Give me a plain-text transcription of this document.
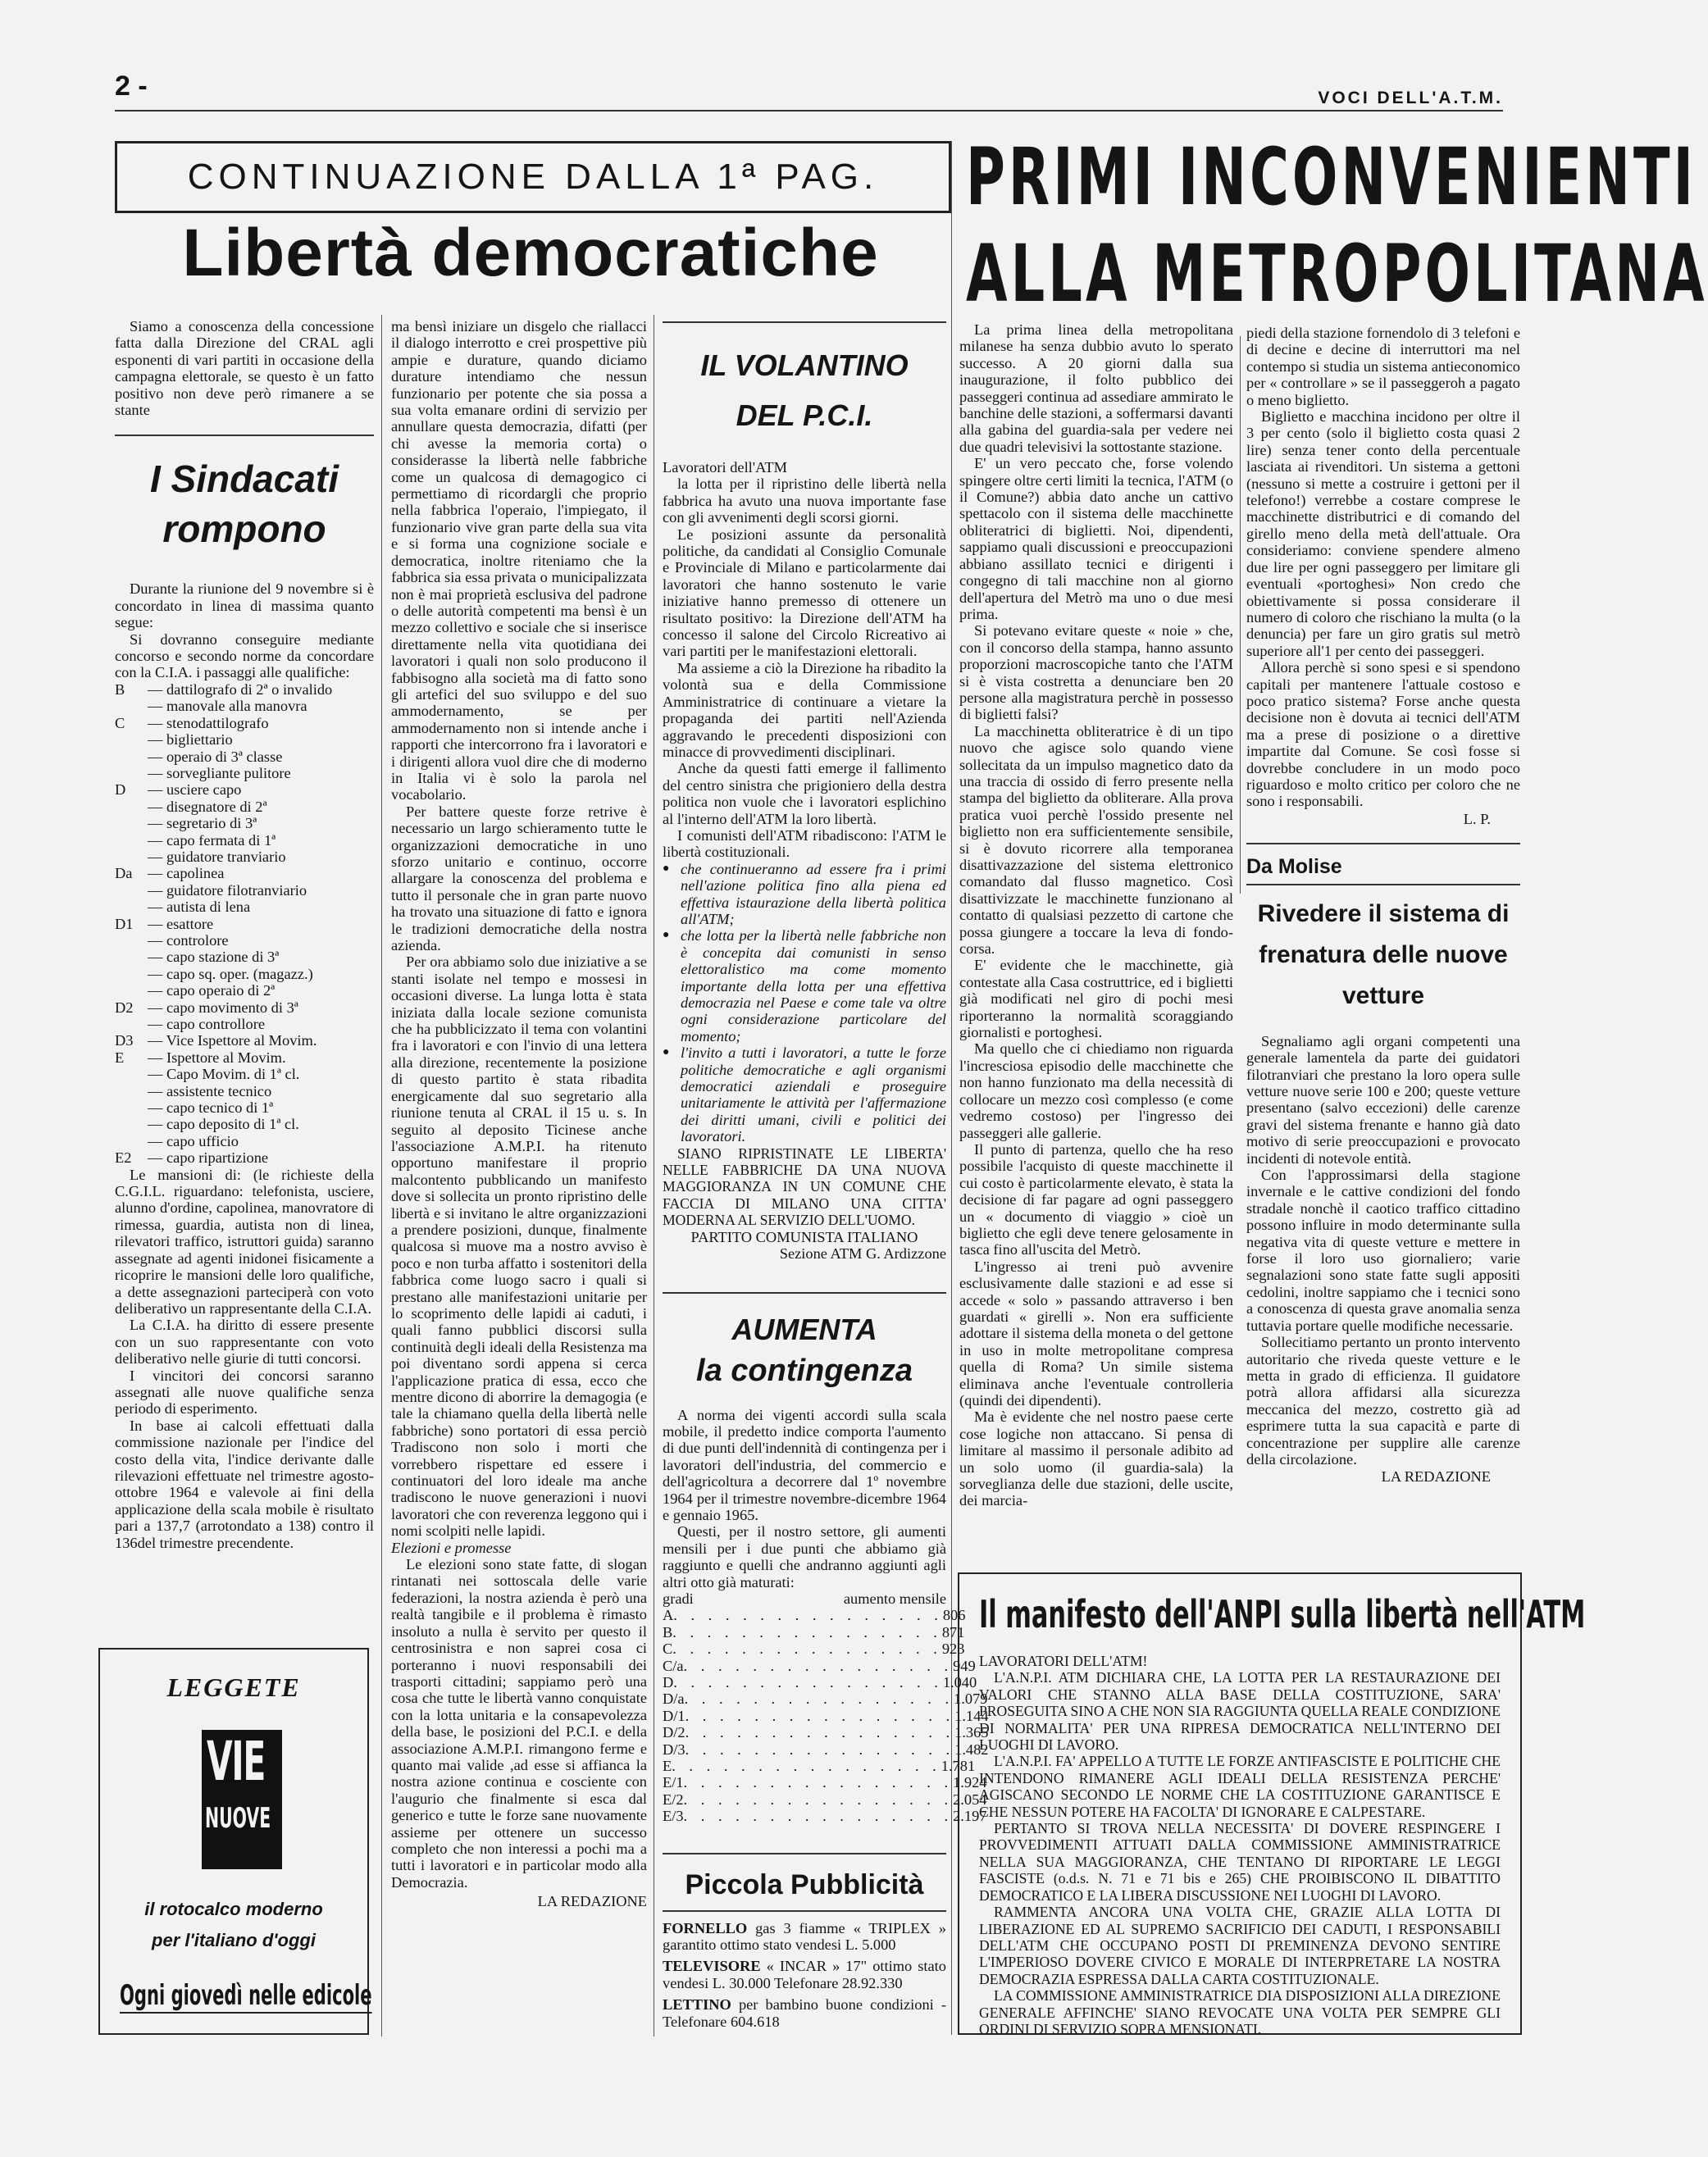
2 -	VOCI DELL'A.T.M.
CONTINUAZIONE DALLA 1ª PAG.
Libertà democratiche

Siamo a conoscenza della concessione fatta dalla Direzione del CRAL agli esponenti di vari partiti in occasione della campagna elettorale, se questo è un fatto positivo non deve però rimanere a se stante

I Sindacati
rompono

Durante la riunione del 9 novembre si è concordato in linea di massima quanto segue:

Si dovranno conseguire mediante concorso e secondo norme da concordare con la C.I.A. i passaggi alle qualifiche:

B — dattilografo di 2ª o invalido
— manovale alla manovra
C — stenodattilografo
— bigliettario
— operaio di 3ª classe
— sorvegliante pulitore
D — usciere capo
— disegnatore di 2ª
— segretario di 3ª
— capo fermata di 1ª
— guidatore tranviario
Da — capolinea
— guidatore filotranviario
— autista di lena
D1 — esattore
— controlore
— capo stazione di 3ª
— capo sq. oper. (magazz.)
— capo operaio di 2ª
D2 — capo movimento di 3ª
— capo controllore
D3 — Vice Ispettore al Movim.
E — Ispettore al Movim.
— Capo Movim. di 1ª cl.
— assistente tecnico
— capo tecnico di 1ª
— capo deposito di 1ª cl.
— capo ufficio
E2 — capo ripartizione

Le mansioni di: (le richieste della C.G.I.L. riguardano: telefonista, usciere, alunno d'ordine, capolinea, manovratore di rimessa, guardia, autista non di linea, rilevatori traffico, istruttori guida) saranno assegnate ad agenti inidonei fisicamente a ricoprire le mansioni delle loro qualifiche, a dette assegnazioni parteciperà con voto deliberativo un rappresentante della C.I.A.

La C.I.A. ha diritto di essere presente con un suo rappresentante con voto deliberativo nelle giurie di tutti concorsi.

I vincitori dei concorsi saranno assegnati alle nuove qualifiche senza periodo di esperimento.

In base ai calcoli effettuati dalla commissione nazionale per l'indice del costo della vita, l'indice derivante dalle rilevazioni effettuate nel trimestre agosto-ottobre 1964 e valevole ai fini della applicazione della scala mobile è risultato pari a 137,7 (arrotondato a 138) contro il 136del trimestre precendente.

LEGGETE
VIE
NUOVE
il rotocalco moderno
per l'italiano d'oggi
Ogni giovedì nelle edicole

ma bensì iniziare un disgelo che riallacci il dialogo interrotto e crei prospettive più ampie e durature, quando diciamo durature intendiamo che nessun funzionario per potente che sia possa a sua volta emanare ordini di servizio per annullare questa democrazia, difatti (per chi avesse la memoria corta) o considerasse la libertà nelle fabbriche come un qualcosa di demagogico ci permettiamo di ricordargli che proprio nella fabbrica l'operaio, l'impiegato, il funzionario vive gran parte della sua vita e si forma una cognizione sociale e democratica, inoltre riteniamo che la fabbrica sia essa privata o municipalizzata non è mai proprietà esclusiva del padrone o delle autorità competenti ma bensì è un mezzo collettivo e sociale che si inserisce direttamente nella vita quotidiana dei lavoratori i quali non solo producono il fabbisogno alla società ma di fatto sono gli artefici del suo sviluppo e del suo ammodernamento, se per ammodernamento non si intende anche i rapporti che intercorrono fra i lavoratori e i dirigenti allora vuol dire che di moderno in Italia vi è solo la parola nel vocabolario.

Per battere queste forze retrive è necessario un largo schieramento tutte le organizzazioni democratiche in uno sforzo unitario e continuo, occorre allargare la conoscenza del problema e tutto il personale che in gran parte nuovo ha trovato una situazione di fatto e ignora le tradizioni democratiche della nostra azienda.

Per ora abbiamo solo due iniziative a se stanti isolate nel tempo e mossesi in occasioni diverse. La lunga lotta è stata iniziata dalla locale sezione comunista che ha pubblicizzato il tema con volantini fra i lavoratori e con l'invio di una lettera alla direzione, recentemente la posizione di questo partito è stata ribadita energicamente dal suo segretario alla riunione tenuta al CRAL il 15 u. s. In seguito al deposito Ticinese anche l'associazione A.M.P.I. ha ritenuto opportuno manifestare il proprio malcontento pubblicando un manifesto dove si sollecita un pronto ripristino delle libertà e si invitano le altre organizzazioni a prendere posizioni, dunque, finalmente qualcosa si muove ma a nostro avviso è poco e non turba affatto i sostenitori della fabbrica come luogo sacro i quali si prestano alle manifestazioni unitarie per lo scoprimento delle lapidi ai caduti, i quali fanno pubblici discorsi sulla continuità degli ideali della Resistenza ma poi diventano sordi appena si cerca l'applicazione pratica di essa, ecco che mentre dicono di aborrire la demagogia (e tale la chiamano quella della libertà nelle fabbriche) sono portatori di essa perciò Tradiscono non solo i morti che vorrebbero rispettare ed essere i continuatori del loro ideale ma anche tradiscono le nuove generazioni i nuovi lavoratori che con reverenza leggono qui i nomi scolpiti nelle lapidi.

Elezioni e promesse

Le elezioni sono state fatte, di slogan rintanati nei sottoscala delle varie federazioni, la nostra azienda è però una realtà tangibile e il problema è rimasto insoluto a nulla è servito per questo il centrosinistra e non saprei cosa ci porteranno i nuovi responsabili dei trasporti cittadini; sappiamo però una cosa che tutte le libertà vanno conquistate con la lotta unitaria e la consapevolezza della base, le posizioni del P.C.I. e della associazione A.M.P.I. rimangono ferme e quanto mai valide ,ad esse si affianca la nostra azione continua e cosciente con l'augurio che finalmente si esca dal generico e tutte le forze sane nuovamente assieme per ottenere un successo completo che non interessi a pochi ma a tutti i lavoratori e in particolar modo alla Democrazia.

LA REDAZIONE
IL VOLANTINO
DEL P.C.I.

Lavoratori dell'ATM

la lotta per il ripristino delle libertà nella fabbrica ha avuto una nuova importante fase con gli avvenimenti degli scorsi giorni.

Le posizioni assunte da personalità politiche, da candidati al Consiglio Comunale e Provinciale di Milano e particolarmente dai lavoratori che hanno sostenuto le varie iniziative hanno premesso di ottenere un risultato positivo: la Direzione dell'ATM ha concesso il salone del Circolo Ricreativo ai vari partiti per le manifestazioni elettorali.

Ma assieme a ciò la Direzione ha ribadito la volontà sua e della Commissione Amministratrice di continuare a vietare la propaganda dei partiti nell'Azienda aggravando le precedenti disposizioni con minacce di provvedimenti disciplinari.

Anche da questi fatti emerge il fallimento del centro sinistra che prigioniero della destra politica non vuole che i lavoratori esplichino al l'interno dell'ATM la loro libertà.

I comunisti dell'ATM ribadiscono: l'ATM le libertà costituzionali.

● che continueranno ad essere fra i primi nell'azione politica fino alla piena ed effettiva istaurazione della libertà politica all'ATM;

● che lotta per la libertà nelle fabbriche non è concepita dai comunisti in senso elettoralistico ma come momento importante della lotta per una effettiva democrazia nel Paese e come tale va oltre ogni considerazione particolare del momento;

● l'invito a tutti i lavoratori, a tutte le forze politiche democratiche e agli organismi democratici aziendali e proseguire unitariamente le attività per l'affermazione dei diritti umani, civili e politici dei lavoratori.

SIANO RIPRISTINATE LE LIBERTA' NELLE FABBRICHE DA UNA NUOVA MAGGIORANZA IN UN COMUNE CHE FACCIA DI MILANO UNA CITTA' MODERNA AL SERVIZIO DELL'UOMO.

PARTITO COMUNISTA ITALIANO

Sezione ATM G. Ardizzone

AUMENTA
la contingenza

A norma dei vigenti accordi sulla scala mobile, il predetto indice comporta l'aumento di due punti dell'indennità di contingenza per i lavoratori dell'industria, del commercio e dell'agricoltura a decorrere dal 1º novembre 1964 per il trimestre novembre-dicembre 1964 e gennaio 1965.

Questi, per il nostro settore, gli aumenti mensili per i due punti che abbiamo già raggiunto e quelli che andranno aggiunti agli altri otto già maturati:

gradi	aumento mensile
A . . . . . . . . . . . . . . . . 806
B . . . . . . . . . . . . . . . . 871
C . . . . . . . . . . . . . . . . 923
C/a . . . . . . . . . . . . . . . . 949
D . . . . . . . . . . . . . . . . 1.040
D/a . . . . . . . . . . . . . . . . 1.079
D/1 . . . . . . . . . . . . . . . . 1.144
D/2 . . . . . . . . . . . . . . . . 1.365
D/3 . . . . . . . . . . . . . . . . 1.482
E . . . . . . . . . . . . . . . . 1.781
E/1 . . . . . . . . . . . . . . . . 1.924
E/2 . . . . . . . . . . . . . . . . 2.054
E/3 . . . . . . . . . . . . . . . . 2.197
Piccola Pubblicità

FORNELLO gas 3 fiamme « TRIPLEX » garantito ottimo stato vendesi L. 5.000

TELEVISORE « INCAR » 17" ottimo stato vendesi L. 30.000 Telefonare 28.92.330

LETTINO per bambino buone condizioni - Telefonare 604.618

PRIMI INCONVENIENTI
ALLA METROPOLITANA

La prima linea della metropolitana milanese ha senza dubbio avuto lo sperato successo. A 20 giorni dalla sua inaugurazione, il folto pubblico dei passeggeri continua ad assediare ammirato le banchine delle stazioni, a soffermarsi davanti alla gabina del guardia-sala per vedere nei due quadri televisivi la sottostante stazione.

E' un vero peccato che, forse volendo spingere oltre certi limiti la tecnica, l'ATM (o il Comune?) abbia dato anche un cattivo spettacolo con il sistema delle macchinette obliteratrici di biglietti. Noi, dipendenti, sappiamo quali discussioni e preoccupazioni abbiano assillato tecnici e dirigenti i congegno di tali macchine non al giorno dell'apertura del Metrò ma uno o due mesi prima.

Si potevano evitare queste « noie » che, con il concorso della stampa, hanno assunto proporzioni macroscopiche tanto che l'ATM si è vista costretta a denunciare ben 20 persone alla magistratura perchè in possesso di biglietti falsi?

La macchinetta obliteratrice è di un tipo nuovo che agisce solo quando viene sollecitata da un impulso magnetico dato da una traccia di ossido di ferro presente nella stampa del biglietto da obliterare. Alla prova pratica vuoi perchè l'ossido presente nel biglietto non era sufficientemente sensibile, si è dovuto ricorrere alla temporanea disattivazzazione del sistema elettronico comandato dal flusso magnetico. Così disattivizzate le macchinette funzionano al contatto di qualsiasi pezzetto di cartone che possa giungere a toccare la leva di fondo-corsa.

E' evidente che le macchinette, già contestate alla Casa costruttrice, ed i biglietti già modificati nel giro di pochi mesi riporteranno la normalità scoraggiando giornalisti e portoghesi.

Ma quello che ci chiediamo non riguarda l'incresciosa episodio delle macchinette che non hanno funzionato ma della necessità di collocare un mezzo così complesso (e come vedremo costoso) per l'ingresso dei passeggeri alle gallerie.

Il punto di partenza, quello che ha reso possibile l'acquisto di queste macchinette il cui costo è particolarmente elevato, è stata la decisione di far pagare ad ogni passeggero un « documento di viaggio » cioè un biglietto che egli deve tenere gelosamente in tasca fino all'uscita del Metrò.

L'ingresso ai treni può avvenire esclusivamente dalle stazioni e ad esse si accede « solo » passando attraverso i ben guardati « girelli ». Non era sufficiente adottare il sistema della moneta o del gettone in uso in molte metropolitane compresa quella di Roma? Un simile sistema eliminava anche l'eventuale controlleria (quindi dei dipendenti).

Ma è evidente che nel nostro paese certe cose logiche non attaccano. Si pensa di limitare al massimo il personale adibito ad un solo uomo (il guardia-sala) la sorveglianza delle due stazioni, delle uscite, dei marcia-

piedi della stazione fornendolo di 3 telefoni e di decine e decine di interruttori ma nel contempo si studia un sistema antieconomico per « controllare » se il passeggeroh a pagato o meno biglietto.

Biglietto e macchina incidono per oltre il 3 per cento (solo il biglietto costa quasi 2 lire) senza tener conto della percentuale lasciata ai rivenditori. Un sistema a gettoni (nessuno si mette a costruire i gettoni per il telefono!) verrebbe a costare comprese le macchinette distributrici e di comando del girello meno della metà dell'attuale. Ora consideriamo: conviene spendere almeno due lire per ogni passeggero per limitare gli eventuali «portoghesi» Non credo che obiettivamente si possa considerare il numero di coloro che rischiano la multa (o la denuncia) per fare un giro gratis sul metrò superiore all'1 per cento dei passeggeri.

Allora perchè si sono spesi e si spendono capitali per mantenere l'attuale costoso e poco pratico sistema? Forse anche questa decisione non è dovuta ai tecnici dell'ATM ma a prese di posizione o a direttive impartite dal Comune. Se così fosse si dovrebbe concludere in un modo poco riguardoso e molto critico per coloro che ne sono i responsabili.

L. P.
Da Molise
Rivedere il sistema di
frenatura delle nuove
vetture

Segnaliamo agli organi competenti una generale lamentela da parte dei guidatori filotranviari che prestano la loro opera sulle vetture nuove serie 100 e 200; queste vetture presentano (salvo eccezioni) delle carenze gravi del sistema frenante e hanno già dato motivo di serie preoccupazioni e provocato incidenti di notevole entità.

Con l'approssimarsi della stagione invernale e le cattive condizioni del fondo stradale nonchè il caotico traffico cittadino possono influire in modo determinante sulla negativa vita di queste vetture e mettere in forse il loro uso giornaliero; varie segnalazioni sono state fatte sugli appositi cedolini, inoltre sappiamo che i tecnici sono a conoscenza di questa grave anomalia senza tuttavia portare quelle modifiche necessarie.

Sollecitiamo pertanto un pronto intervento autoritario che riveda queste vetture e le metta in grado di efficienza. Il guidatore potrà allora affidarsi alla sicurezza meccanica del mezzo, costretto già ad esprimere tutta la sua capacità e parte di concentrazione per supplire alle carenze della circolazione.

LA REDAZIONE
Il manifesto dell'ANPI sulla libertà nell'ATM

LAVORATORI DELL'ATM!

L'A.N.P.I. ATM DICHIARA CHE, LA LOTTA PER LA RESTAURAZIONE DEI VALORI CHE STANNO ALLA BASE DELLA COSTITUZIONE, SARA' PROSEGUITA SINO A CHE NON SIA RAGGIUNTA QUELLA REALE CONDIZIONE DI NORMALITA' PER UNA RIPRESA DEMOCRATICA NELL'INTERNO DEI LUOGHI DI LAVORO.

L'A.N.P.I. FA' APPELLO A TUTTE LE FORZE ANTIFASCISTE E POLITICHE CHE INTENDONO RIMANERE AGLI IDEALI DELLA RESISTENZA PERCHE' AGISCANO SECONDO LE NORME CHE LA COSTITUZIONE GARANTISCE E CHE NESSUN POTERE HA FACOLTA' DI IGNORARE E CALPESTARE.

PERTANTO SI TROVA NELLA NECESSITA' DI DOVERE RESPINGERE I PROVVEDIMENTI ATTUATI DALLA COMMISSIONE AMMINISTRATRICE NELLA SUA MAGGIORANZA, CHE TENTANO DI RIPORTARE LE LEGGI FASCISTE (o.d.s. N. 71 e 71 bis e 265) CHE PROIBISCONO IL DIBATTITO DEMOCRATICO E LA LIBERA DISCUSSIONE NEI LUOGHI DI LAVORO.

RAMMENTA ANCORA UNA VOLTA CHE, GRAZIE ALLA LOTTA DI LIBERAZIONE ED AL SUPREMO SACRIFICIO DEI CADUTI, I RESPONSABILI DELL'ATM CHE OCCUPANO POSTI DI PREMINENZA DEVONO SENTIRE L'IMPERIOSO DOVERE CIVICO E MORALE DI INTERPRETARE LA NOSTRA DEMOCRAZIA ESPRESSA DALLA CARTA COSTITUZIONALE.

LA COMMISSIONE AMMINISTRATRICE DIA DISPOSIZIONI ALLA DIREZIONE GENERALE AFFINCHE' SIANO REVOCATE UNA VOLTA PER SEMPRE GLI ORDINI DI SERVIZIO SOPRA MENSIONATI.
